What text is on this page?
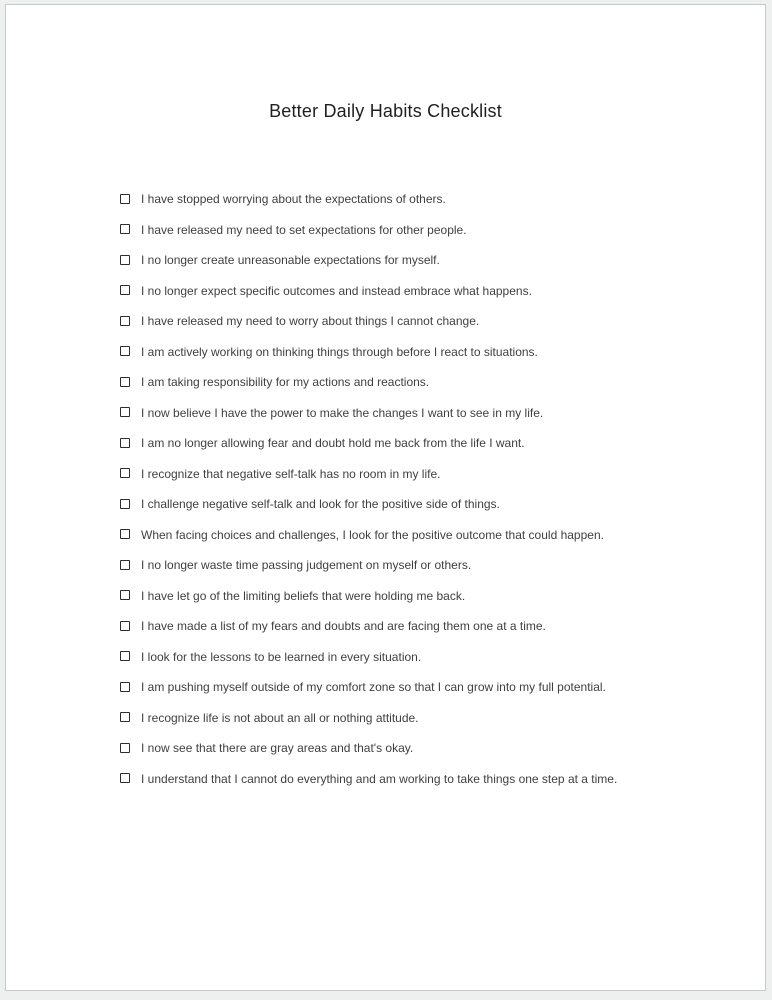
Better Daily Habits Checklist
I have stopped worrying about the expectations of others.
I have released my need to set expectations for other people.
I no longer create unreasonable expectations for myself.
I no longer expect specific outcomes and instead embrace what happens.
I have released my need to worry about things I cannot change.
I am actively working on thinking things through before I react to situations.
I am taking responsibility for my actions and reactions.
I now believe I have the power to make the changes I want to see in my life.
I am no longer allowing fear and doubt hold me back from the life I want.
I recognize that negative self-talk has no room in my life.
I challenge negative self-talk and look for the positive side of things.
When facing choices and challenges, I look for the positive outcome that could happen.
I no longer waste time passing judgement on myself or others.
I have let go of the limiting beliefs that were holding me back.
I have made a list of my fears and doubts and are facing them one at a time.
I look for the lessons to be learned in every situation.
I am pushing myself outside of my comfort zone so that I can grow into my full potential.
I recognize life is not about an all or nothing attitude.
I now see that there are gray areas and that's okay.
I understand that I cannot do everything and am working to take things one step at a time.
